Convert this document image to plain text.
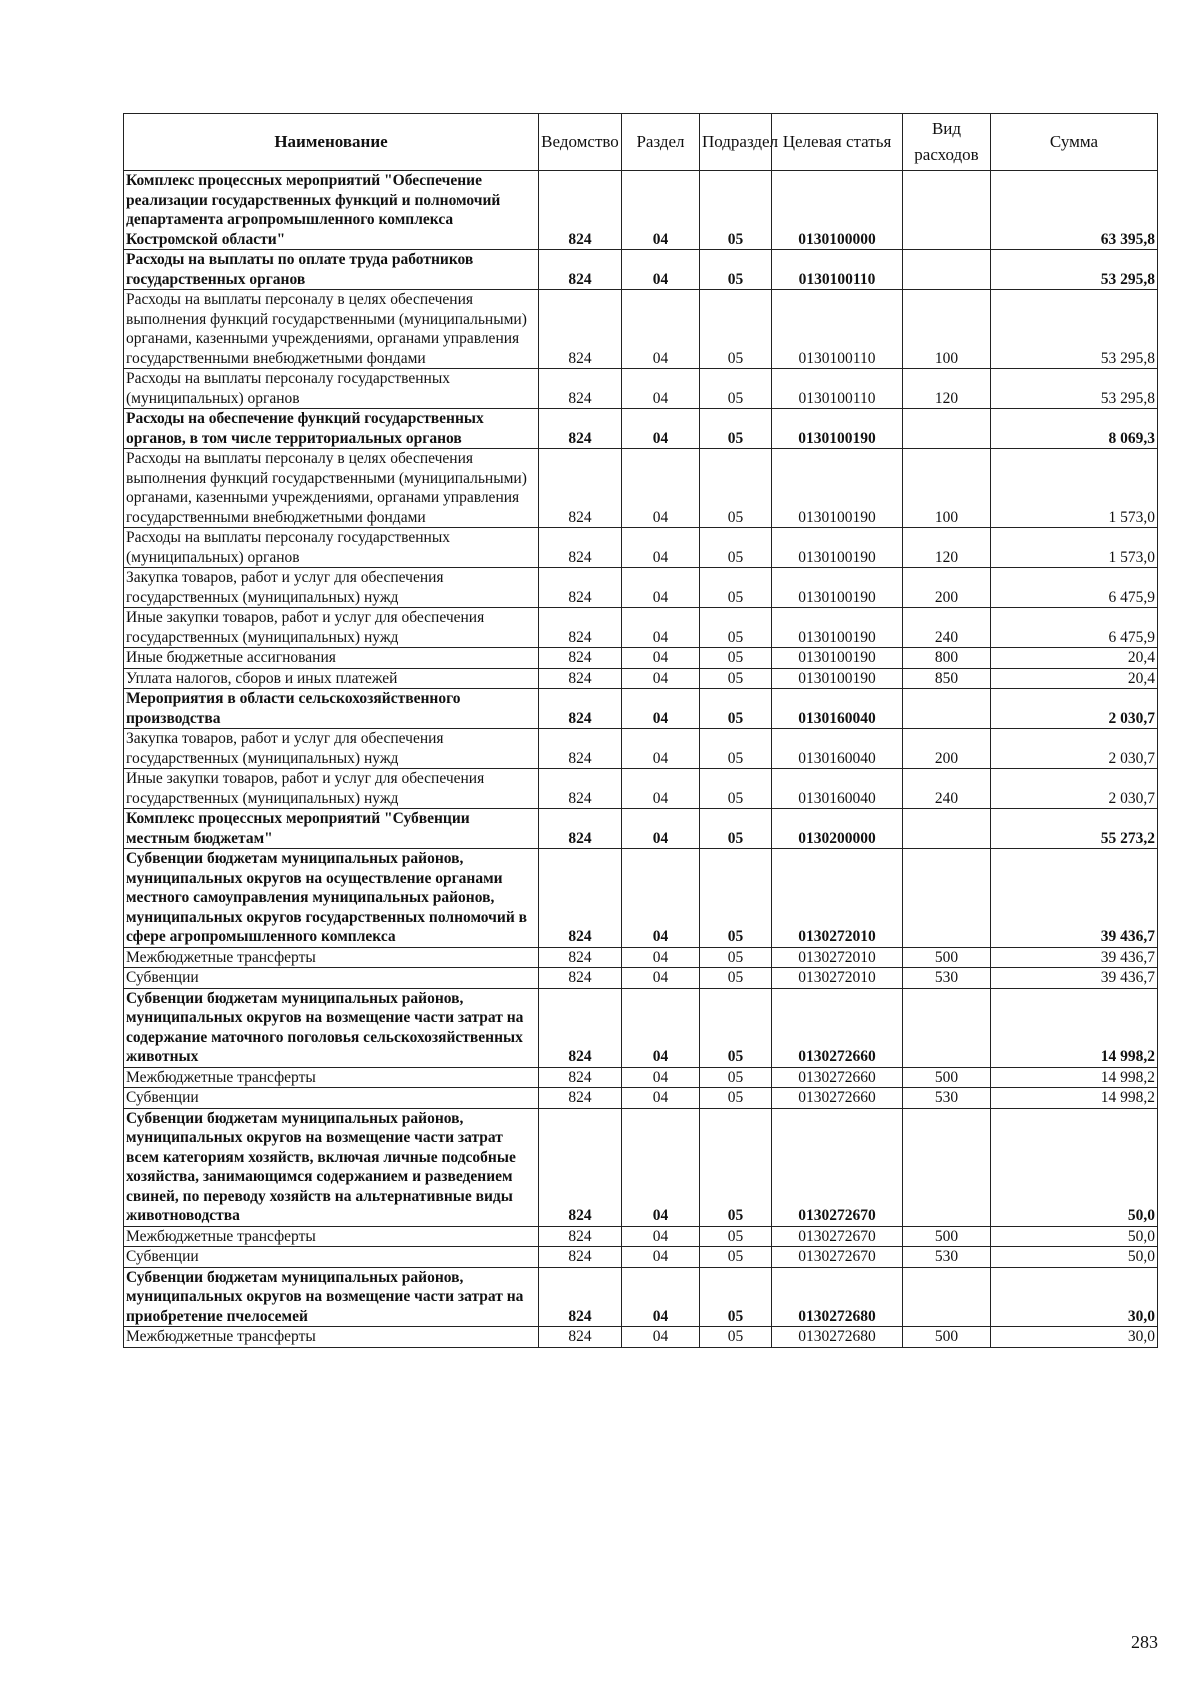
Наименование	Ведомство	Раздел	Подраздел	Целевая статья	Вид расходов	Сумма
Комплекс процессных мероприятий "Обеспечение реализации государственных функций и полномочий департамента агропромышленного комплекса Костромской области"	824	04	05	0130100000		63 395,8
Расходы на выплаты по оплате труда работников государственных органов	824	04	05	0130100110		53 295,8
Расходы на выплаты персоналу в целях обеспечения выполнения функций государственными (муниципальными) органами, казенными учреждениями, органами управления государственными внебюджетными фондами	824	04	05	0130100110	100	53 295,8
Расходы на выплаты персоналу государственных (муниципальных) органов	824	04	05	0130100110	120	53 295,8
Расходы на обеспечение функций государственных органов, в том числе территориальных органов	824	04	05	0130100190		8 069,3
Расходы на выплаты персоналу в целях обеспечения выполнения функций государственными (муниципальными) органами, казенными учреждениями, органами управления государственными внебюджетными фондами	824	04	05	0130100190	100	1 573,0
Расходы на выплаты персоналу государственных (муниципальных) органов	824	04	05	0130100190	120	1 573,0
Закупка товаров, работ и услуг для обеспечения государственных (муниципальных) нужд	824	04	05	0130100190	200	6 475,9
Иные закупки товаров, работ и услуг для обеспечения государственных (муниципальных) нужд	824	04	05	0130100190	240	6 475,9
Иные бюджетные ассигнования	824	04	05	0130100190	800	20,4
Уплата налогов, сборов и иных платежей	824	04	05	0130100190	850	20,4
Мероприятия в области сельскохозяйственного производства	824	04	05	0130160040		2 030,7
Закупка товаров, работ и услуг для обеспечения государственных (муниципальных) нужд	824	04	05	0130160040	200	2 030,7
Иные закупки товаров, работ и услуг для обеспечения государственных (муниципальных) нужд	824	04	05	0130160040	240	2 030,7
Комплекс процессных мероприятий "Субвенции местным бюджетам"	824	04	05	0130200000		55 273,2
Субвенции бюджетам муниципальных районов, муниципальных округов на осуществление органами местного самоуправления муниципальных районов, муниципальных округов государственных полномочий в сфере агропромышленного комплекса	824	04	05	0130272010		39 436,7
Межбюджетные трансферты	824	04	05	0130272010	500	39 436,7
Субвенции	824	04	05	0130272010	530	39 436,7
Субвенции бюджетам муниципальных районов, муниципальных округов на возмещение части затрат на содержание маточного поголовья сельскохозяйственных животных	824	04	05	0130272660		14 998,2
Межбюджетные трансферты	824	04	05	0130272660	500	14 998,2
Субвенции	824	04	05	0130272660	530	14 998,2
Субвенции бюджетам муниципальных районов, муниципальных округов на возмещение части затрат всем категориям хозяйств, включая личные подсобные хозяйства, занимающимся содержанием и разведением свиней, по переводу хозяйств на альтернативные виды животноводства	824	04	05	0130272670		50,0
Межбюджетные трансферты	824	04	05	0130272670	500	50,0
Субвенции	824	04	05	0130272670	530	50,0
Субвенции бюджетам муниципальных районов, муниципальных округов на возмещение части затрат на приобретение пчелосемей	824	04	05	0130272680		30,0
Межбюджетные трансферты	824	04	05	0130272680	500	30,0
283
